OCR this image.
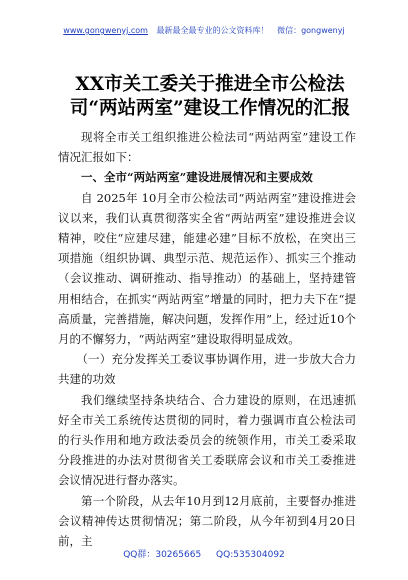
www.gongwenyj.com 最新最全最专业的公文资料库！ 微信：gongwenyj
XX市关工委关于推进全市公检法司“两站两室”建设工作情况的汇报

现将全市关工组织推进公检法司“两站两室”建设工作情况汇报如下：

一、全市“两站两室”建设进展情况和主要成效

自 2025年 10月全市公检法司“两站两室”建设推进会议以来，我们认真贯彻落实全省“两站两室”建设推进会议精神，咬住“应建尽建，能建必建”目标不放松，在突出三项措施（组织协调、典型示范、规范运作）、抓实三个推动（会议推动、调研推动、指导推动）的基础上，坚持建管用相结合，在抓实“两站两室”增量的同时，把力夫下在“提高质量，完善措施，解决问题，发挥作用”上，经过近10个月的不懈努力，“两站两室”建设取得明显成效。

（一）充分发挥关工委议事协调作用，进一步放大合力共建的功效

我们继续坚持条块结合、合力建设的原则，在迅速抓好全市关工系统传达贯彻的同时，着力强调市直公检法司的行头作用和地方政法委员会的统领作用，市关工委采取分段推进的办法对贯彻省关工委联席会议和市关工委推进会议情况进行督办落实。

第一个阶段，从去年10月到12月底前，主要督办推进会议精神传达贯彻情况；第二阶段，从今年初到4月20日前，主

QQ群：30265665 QQ:535304092
